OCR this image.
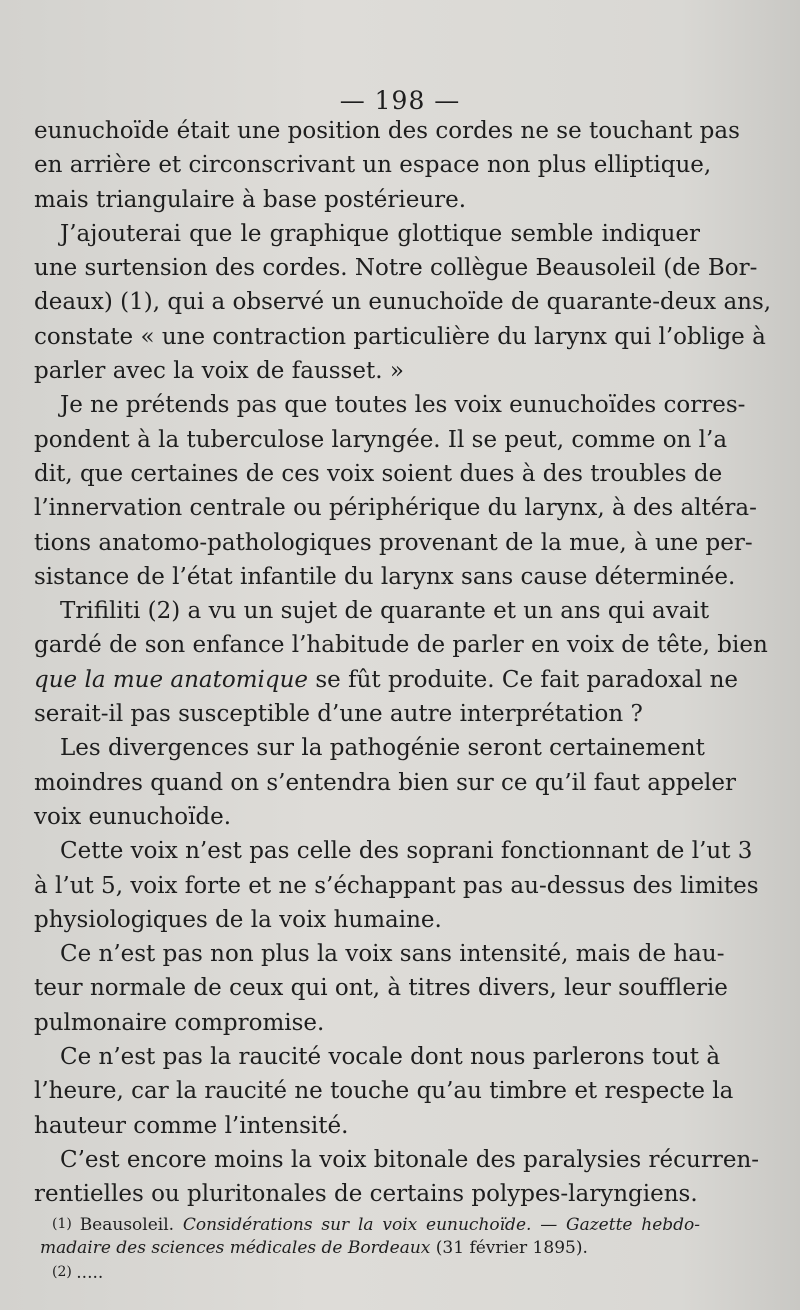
— 198 —
eunuchoïde était une position des cordes ne se touchant pas
en arrière et circonscrivant un espace non plus elliptique,
mais triangulaire à base postérieure.
J’ajouterai que le graphique glottique semble indiquer
une surtension des cordes. Notre collègue Beausoleil (de Bor-
deaux) (1), qui a observé un eunuchoïde de quarante-deux ans,
constate « une contraction particulière du larynx qui l’oblige à
parler avec la voix de fausset. »
Je ne prétends pas que toutes les voix eunuchoïdes corres-
pondent à la tuberculose laryngée. Il se peut, comme on l’a
dit, que certaines de ces voix soient dues à des troubles de
l’innervation centrale ou périphérique du larynx, à des altéra-
tions anatomo-pathologiques provenant de la mue, à une per-
sistance de l’état infantile du larynx sans cause déterminée.
Trifiliti (2) a vu un sujet de quarante et un ans qui avait
gardé de son enfance l’habitude de parler en voix de tête, bien
que la mue anatomique se fût produite. Ce fait paradoxal ne
serait-il pas susceptible d’une autre interprétation ?
Les divergences sur la pathogénie seront certainement
moindres quand on s’entendra bien sur ce qu’il faut appeler
voix eunuchoïde.
Cette voix n’est pas celle des soprani fonctionnant de l’ut 3
à l’ut 5, voix forte et ne s’échappant pas au-dessus des limites
physiologiques de la voix humaine.
Ce n’est pas non plus la voix sans intensité, mais de hau-
teur normale de ceux qui ont, à titres divers, leur soufflerie
pulmonaire compromise.
Ce n’est pas la raucité vocale dont nous parlerons tout à
l’heure, car la raucité ne touche qu’au timbre et respecte la
hauteur comme l’intensité.
C’est encore moins la voix bitonale des paralysies récurren-
rentielles ou pluritonales de certains polypes-laryngiens.
(1) Beausoleil. Considérations sur la voix eunuchoïde. — Gazette hebdo-
madaire des sciences médicales de Bordeaux (31 février 1895).
(2) .....
